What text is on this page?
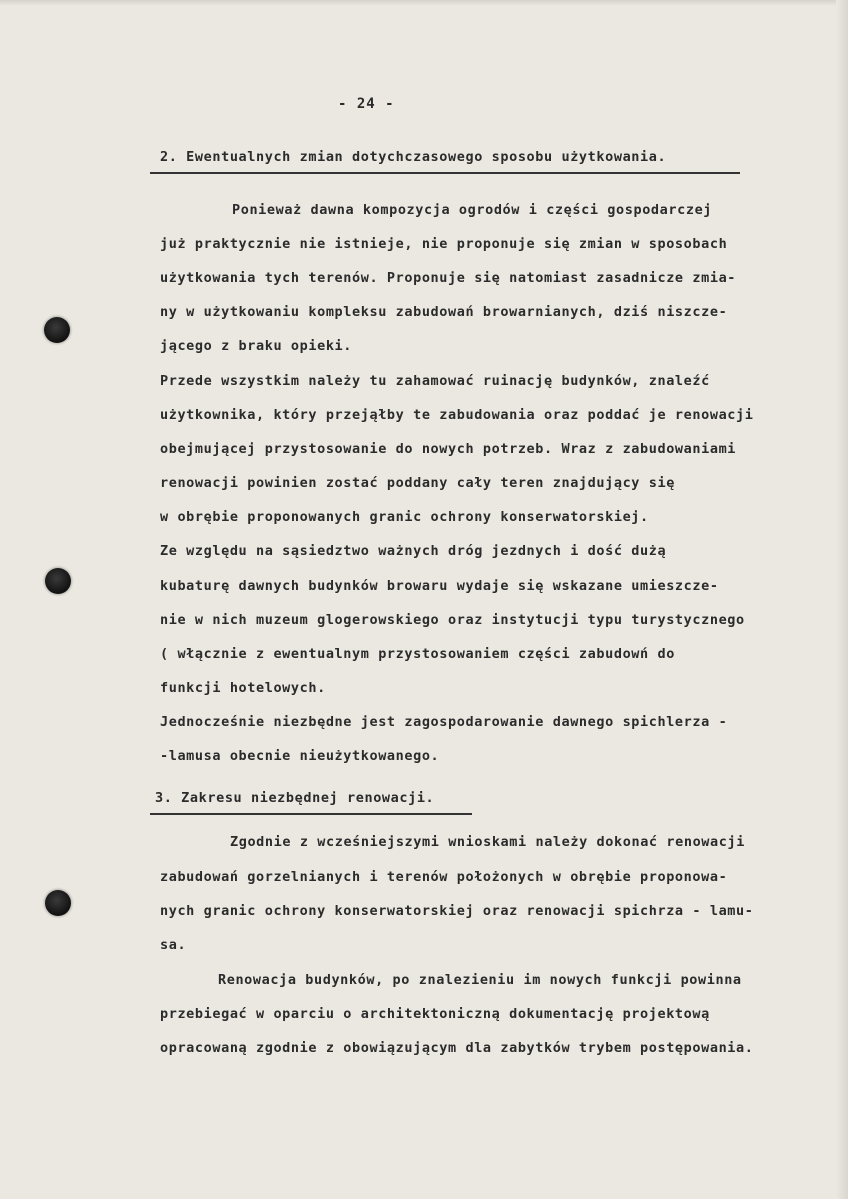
- 24 -
2. Ewentualnych zmian dotychczasowego sposobu użytkowania.
Ponieważ dawna kompozycja ogrodów i części gospodarczej
już praktycznie nie istnieje, nie proponuje się zmian w sposobach
użytkowania tych terenów. Proponuje się natomiast zasadnicze zmia-
ny w użytkowaniu kompleksu zabudowań browarnianych, dziś niszcze-
jącego z braku opieki.
Przede wszystkim należy tu zahamować ruinację budynków, znaleźć
użytkownika, który przejąłby te zabudowania oraz poddać je renowacji
obejmującej przystosowanie do nowych potrzeb. Wraz z zabudowaniami
renowacji powinien zostać poddany cały teren znajdujący się
w obrębie proponowanych granic ochrony konserwatorskiej.
Ze względu na sąsiedztwo ważnych dróg jezdnych i dość dużą
kubaturę dawnych budynków browaru wydaje się wskazane umieszcze-
nie w nich muzeum glogerowskiego oraz instytucji typu turystycznego
( włącznie z ewentualnym przystosowaniem części zabudowń do
funkcji hotelowych.
Jednocześnie niezbędne jest zagospodarowanie dawnego spichlerza -
-lamusa obecnie nieużytkowanego.
3. Zakresu niezbędnej renowacji.
Zgodnie z wcześniejszymi wnioskami należy dokonać renowacji
zabudowań gorzelnianych i terenów położonych w obrębie proponowa-
nych granic ochrony konserwatorskiej oraz renowacji spichrza - lamu-
sa.
Renowacja budynków, po znalezieniu im nowych funkcji powinna
przebiegać w oparciu o architektoniczną dokumentację projektową
opracowaną zgodnie z obowiązującym dla zabytków trybem postępowania.
